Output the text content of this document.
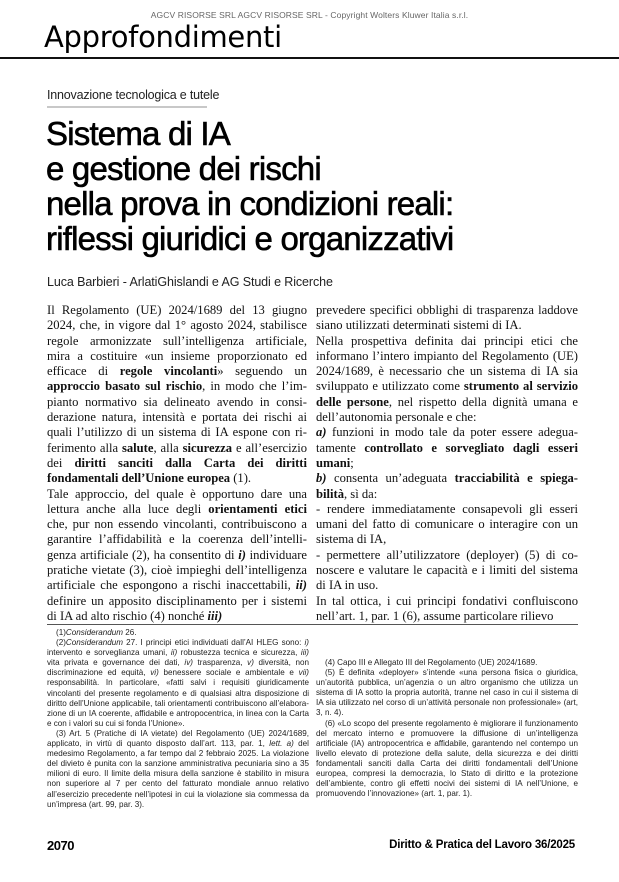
AGCV RISORSE SRL AGCV RISORSE SRL - Copyright Wolters Kluwer Italia s.r.l.
Approfondimenti
Innovazione tecnologica e tutele
Sistema di IA
e gestione dei rischi
nella prova in condizioni reali:
riflessi giuridici e organizzativi
Luca Barbieri - ArlatiGhislandi e AG Studi e Ricerche

Il Regolamento (UE) 2024/1689 del 13 giugno 2024, che, in vigore dal 1° agosto 2024, stabilisce regole armonizzate sull’intelligenza artificiale, mira a costituire «un insieme proporzionato ed efficace di regole vincolanti» seguendo un approccio basato sul rischio, in modo che l’impianto normativo sia delineato avendo in considerazione natura, intensità e portata dei rischi ai quali l’utilizzo di un sistema di IA espone con riferimento alla salute, alla sicurezza e all’esercizio dei diritti sanciti dalla Carta dei diritti fondamentali dell’Unione europea (1).

Tale approccio, del quale è opportuno dare una lettura anche alla luce degli orientamenti etici che, pur non essendo vincolanti, contribuiscono a garantire l’affidabilità e la coerenza dell’intelligenza artificiale (2), ha consentito di i) individuare pratiche vietate (3), cioè impieghi dell’intelligenza artificiale che espongono a rischi inaccettabili, ii) definire un apposito disciplinamento per i sistemi di IA ad alto rischio (4) nonché iii)

prevedere specifici obblighi di trasparenza laddove siano utilizzati determinati sistemi di IA.

Nella prospettiva definita dai principi etici che informano l’intero impianto del Regolamento (UE) 2024/1689, è necessario che un sistema di IA sia sviluppato e utilizzato come strumento al servizio delle persone, nel rispetto della dignità umana e dell’autonomia personale e che:

a) funzioni in modo tale da poter essere adeguatamente controllato e sorvegliato dagli esseri umani;

b) consenta un’adeguata tracciabilità e spiegabilità, sì da:

- rendere immediatamente consapevoli gli esseri umani del fatto di comunicare o interagire con un sistema di IA,

- permettere all’utilizzatore (deployer) (5) di conoscere e valutare le capacità e i limiti del sistema di IA in uso.

In tal ottica, i cui principi fondativi confluiscono nell’art. 1, par. 1 (6), assume particolare rilievo

(1)Considerandum 26.

(2)Considerandum 27. I principi etici individuati dall’AI HLEG sono: i) intervento e sorveglianza umani, ii) robustezza tecnica e sicurezza, iii) vita privata e governance dei dati, iv) trasparenza, v) diversità, non discriminazione ed equità, vi) benessere sociale e ambientale e vii) responsabilità. In particolare, «fatti salvi i requisiti giuridicamente vincolanti del presente regolamento e di qualsiasi altra disposizione di diritto dell’Unione applicabile, tali orientamenti contribuiscono all’elaborazione di un IA coerente, affidabile e antropocentrica, in linea con la Carta e con i valori su cui si fonda l’Unione».

(3) Art. 5 (Pratiche di IA vietate) del Regolamento (UE) 2024/1689, applicato, in virtù di quanto disposto dall’art. 113, par. 1, lett. a) del medesimo Regolamento, a far tempo dal 2 febbraio 2025. La violazione del divieto è punita con la sanzione amministrativa pecuniaria sino a 35 milioni di euro. Il limite della misura della sanzione è stabilito in misura non superiore al 7 per cento del fatturato mondiale annuo relativo all’esercizio precedente nell’ipotesi in cui la violazione sia commessa da un’impresa (art. 99, par. 3).

(4) Capo III e Allegato III del Regolamento (UE) 2024/1689.

(5) È definita «deployer» s’intende «una persona fisica o giuridica, un’autorità pubblica, un’agenzia o un altro organismo che utilizza un sistema di IA sotto la propria autorità, tranne nel caso in cui il sistema di IA sia utilizzato nel corso di un’attività personale non professionale» (art, 3, n. 4).

(6) «Lo scopo del presente regolamento è migliorare il funzionamento del mercato interno e promuovere la diffusione di un’intelligenza artificiale (IA) antropocentrica e affidabile, garantendo nel contempo un livello elevato di protezione della salute, della sicurezza e dei diritti fondamentali sanciti dalla Carta dei diritti fondamentali dell’Unione europea, compresi la democrazia, lo Stato di diritto e la protezione dell’ambiente, contro gli effetti nocivi dei sistemi di IA nell’Unione, e promuovendo l’innovazione» (art. 1, par. 1).

2070	Diritto & Pratica del Lavoro 36/2025
